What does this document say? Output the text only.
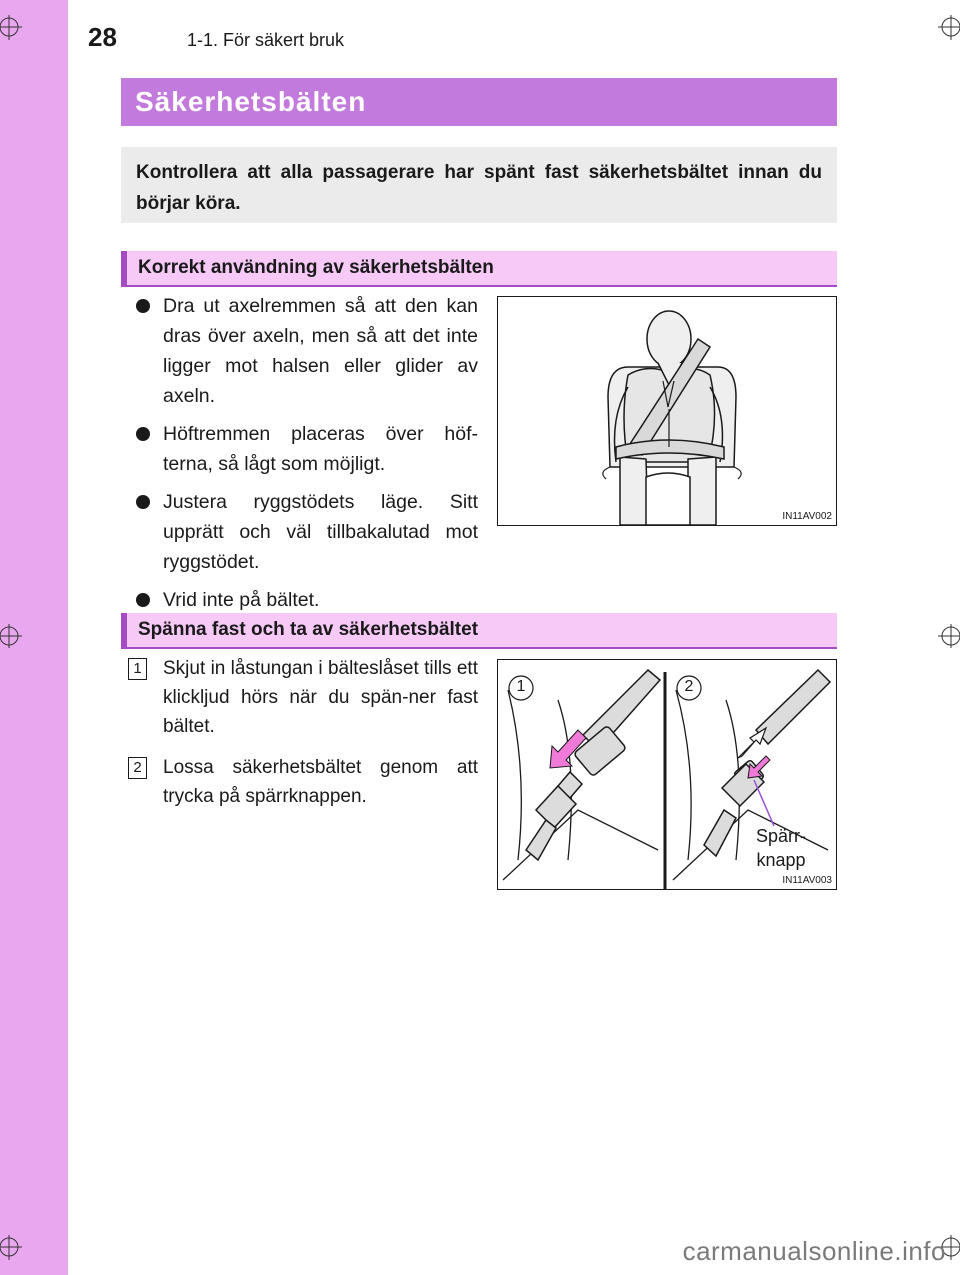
28	1-1. För säkert bruk
Säkerhetsbälten

Kontrollera att alla passagerare har spänt fast säkerhetsbältet innan du börjar köra.

Korrekt användning av säkerhetsbälten
Dra ut axelremmen så att den kan dras över axeln, men så att det inte ligger mot halsen eller glider av axeln.
Höftremmen placeras över höf-terna, så lågt som möjligt.
Justera ryggstödets läge. Sitt upprätt och väl tillbakalutad mot ryggstödet.
Vrid inte på bältet.
IN11AV002
Spänna fast och ta av säkerhetsbältet
1 Skjut in låstungan i bälteslåset tills ett klickljud hörs när du spän-ner fast bältet.
2 Lossa säkerhetsbältet genom att trycka på spärrknappen.
1	2
Spärr-
knapp
IN11AV003
carmanualsonline.info
